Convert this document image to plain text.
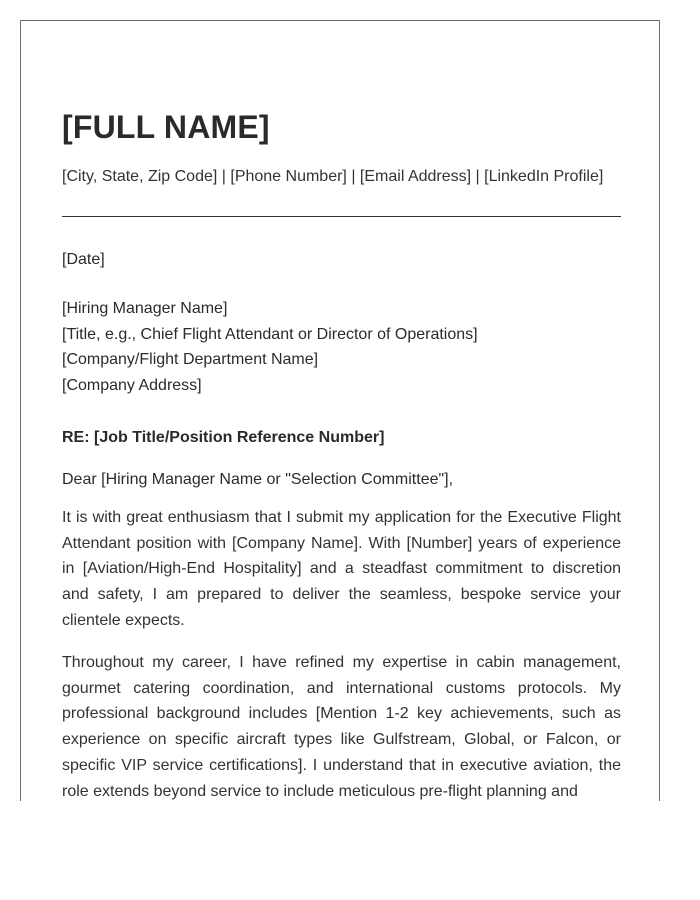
[FULL NAME]
[City, State, Zip Code] | [Phone Number] | [Email Address] | [LinkedIn Profile]
[Date]
[Hiring Manager Name]
[Title, e.g., Chief Flight Attendant or Director of Operations]
[Company/Flight Department Name]
[Company Address]
RE: [Job Title/Position Reference Number]
Dear [Hiring Manager Name or "Selection Committee"],

It is with great enthusiasm that I submit my application for the Executive Flight Attendant position with [Company Name]. With [Number] years of experience in [Aviation/High-End Hospitality] and a steadfast commitment to discretion and safety, I am prepared to deliver the seamless, bespoke service your clientele expects.

Throughout my career, I have refined my expertise in cabin management, gourmet catering coordination, and international customs protocols. My professional background includes [Mention 1-2 key achievements, such as experience on specific aircraft types like Gulfstream, Global, or Falcon, or specific VIP service certifications]. I understand that in executive aviation, the role extends beyond service to include meticulous pre-flight planning and
